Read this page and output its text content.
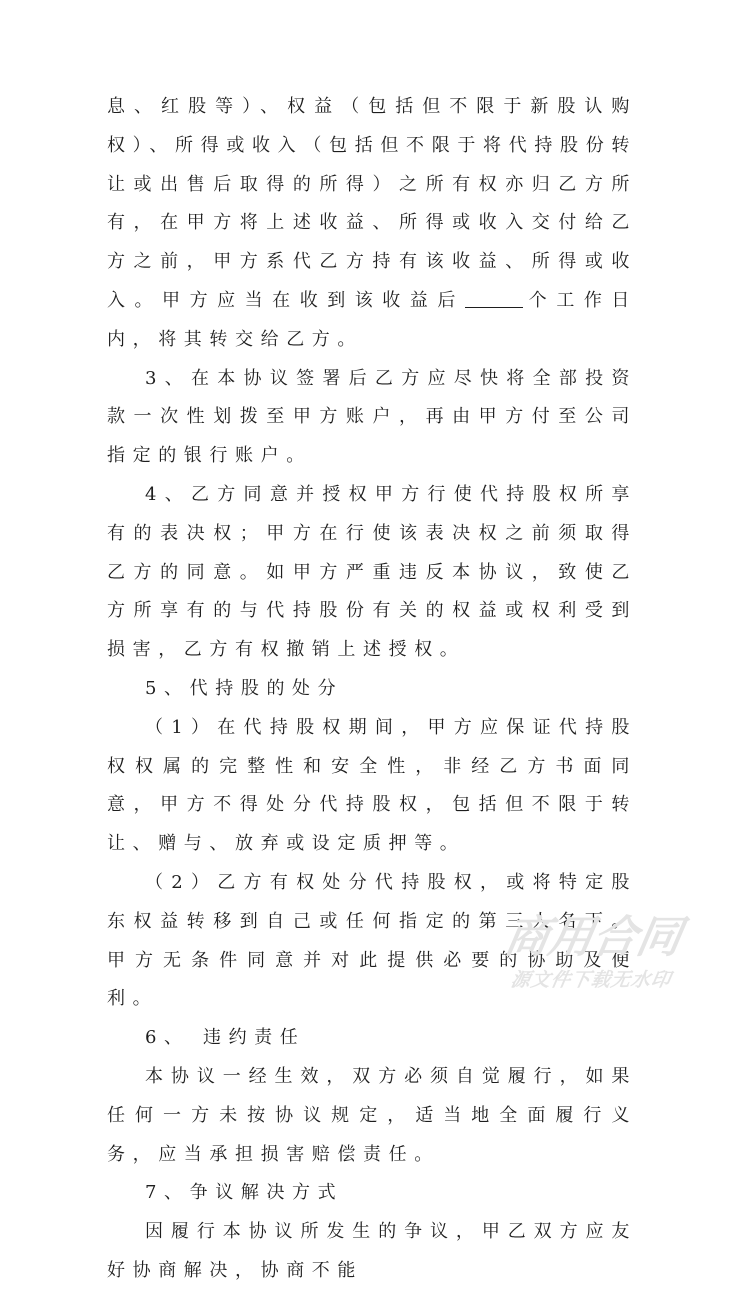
息、红股等）、权益（包括但不限于新股认购权）、所得或收入（包括但不限于将代持股份转让或出售后取得的所得）之所有权亦归乙方所有，在甲方将上述收益、所得或收入交付给乙方之前，甲方系代乙方持有该收益、所得或收入。甲方应当在收到该收益后	个工作日内，将其转交给乙方。

3、在本协议签署后乙方应尽快将全部投资款一次性划拨至甲方账户，再由甲方付至公司指定的银行账户。

4、乙方同意并授权甲方行使代持股权所享有的表决权；甲方在行使该表决权之前须取得乙方的同意。如甲方严重违反本协议，致使乙方所享有的与代持股份有关的权益或权利受到损害，乙方有权撤销上述授权。

5、代持股的处分

（1）在代持股权期间，甲方应保证代持股权权属的完整性和安全性，非经乙方书面同意，甲方不得处分代持股权，包括但不限于转让、赠与、放弃或设定质押等。

（2）乙方有权处分代持股权，或将特定股东权益转移到自己或任何指定的第三人名下。甲方无条件同意并对此提供必要的协助及便利。

6、 违约责任

本协议一经生效，双方必须自觉履行，如果任何一方未按协议规定，适当地全面履行义务，应当承担损害赔偿责任。

7、争议解决方式

因履行本协议所发生的争议，甲乙双方应友好协商解决，协商不能

商用合同
源文件下载无水印
